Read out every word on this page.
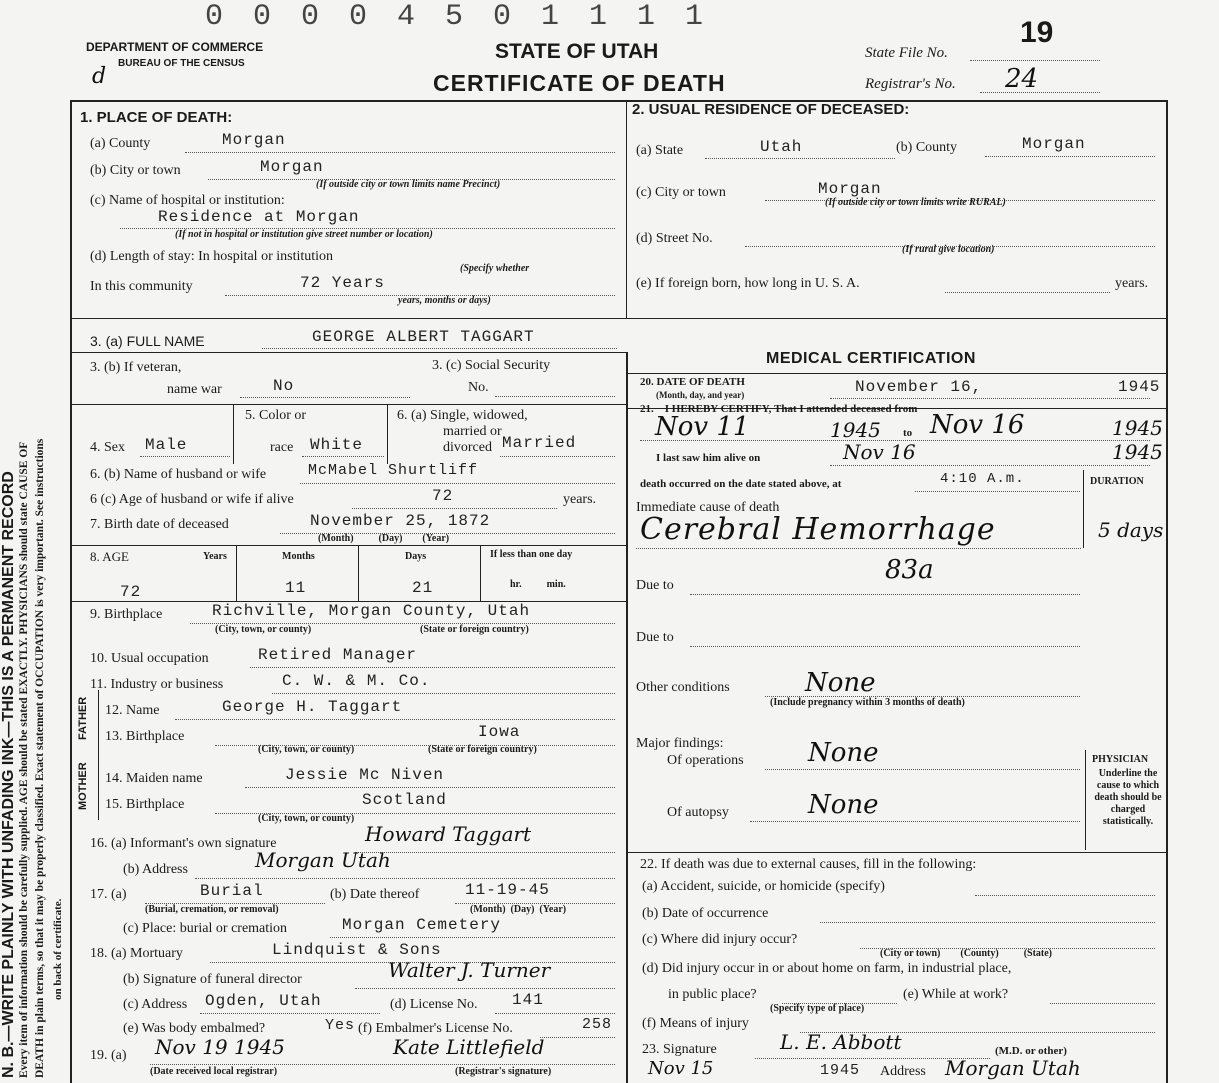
0 0 0 0 4 5 0 1 1 1 1
DEPARTMENT OF COMMERCE
BUREAU OF THE CENSUS
d
STATE OF UTAH
CERTIFICATE OF DEATH
State File No.
19
Registrar's No. 24
N. B.—WRITE PLAINLY WITH UNFADING INK—THIS IS A PERMANENT RECORD Every item of information should be carefully supplied. AGE should be stated EXACTLY. PHYSICIANS should state CAUSE OF DEATH in plain terms, so that it may be properly classified. Exact statement of OCCUPATION is very important. See instructions on back of certificate.
1. PLACE OF DEATH:
(a) County	Morgan
(b) City or town	Morgan
(If outside city or town limits name Precinct)
(c) Name of hospital or institution:
Residence at Morgan
(If not in hospital or institution give street number or location)
(d) Length of stay: In hospital or institution
(Specify whether
In this community	72 Years
years, months or days)
2. USUAL RESIDENCE OF DECEASED:
(a) State	Utah	(b) County	Morgan
(c) City or town	Morgan
(If outside city or town limits write RURAL)
(d) Street No.
(If rural give location)
(e) If foreign born, how long in U. S. A.	years.
3. (a) FULL NAME	GEORGE ALBERT TAGGART
3. (b) If veteran,
name war	No
3. (c) Social Security
No.
4. Sex Male
5. Color or
race White
6. (a) Single, widowed,
married or
divorced Married
6. (b) Name of husband or wife	McMabel Shurtliff
6 (c) Age of husband or wife if alive	72	years.
7. Birth date of deceased	November 25, 1872
(Month)          (Day)        (Year)
8. AGE	Years	Months	Days	If less than one day
hr.          min.
72	11	21
9. Birthplace	Richville, Morgan County, Utah
(City, town, or county)	(State or foreign country)
10. Usual occupation	Retired Manager
11. Industry or business	C. W. & M. Co.
FATHER
MOTHER
12. Name	George H. Taggart
13. Birthplace	Iowa
(City, town, or county)	(State or foreign country)
14. Maiden name	Jessie Mc Niven
15. Birthplace	Scotland
(City, town, or county)
16. (a) Informant's own signature	Howard Taggart
(b) Address	Morgan Utah
17. (a)	Burial
(Burial, cremation, or removal)
(b) Date thereof	11-19-45
(Month)  (Day)  (Year)
(c) Place: burial or cremation	Morgan Cemetery
18. (a) Mortuary	Lindquist & Sons
(b) Signature of funeral director	Walter J. Turner
(c) Address Ogden, Utah	(d) License No. 141
(e) Was body embalmed?	Yes (f) Embalmer's License No.	258
19. (a) Nov 19 1945	Kate Littlefield
(Date received local registrar)	(Registrar's signature)
MEDICAL CERTIFICATION
20. DATE OF DEATH
(Month, day, and year)	November 16,	1945
21.    I HEREBY CERTIFY, That I attended deceased from
Nov 11	1945 to Nov 16	1945
I last saw him alive on	Nov 16	1945
death occurred on the date stated above, at	4:10 A.m.	DURATION
Immediate cause of death
Cerebral Hemorrhage	5 days
83a
Due to
Due to
Other conditions	None
(Include pregnancy within 3 months of death)
Major findings:
Of operations None
Of autopsy	None
PHYSICIAN
Underline the cause to which death should be charged statistically.
22. If death was due to external causes, fill in the following:
(a) Accident, suicide, or homicide (specify)
(b) Date of occurrence
(c) Where did injury occur?
(City or town)        (County)          (State)
(d) Did injury occur in or about home on farm, in industrial place,
in public place?
(Specify type of place)
(e) While at work?
(f) Means of injury
23. Signature	L. E. Abbott	(M.D. or other)
Nov 15	1945 Address Morgan Utah
